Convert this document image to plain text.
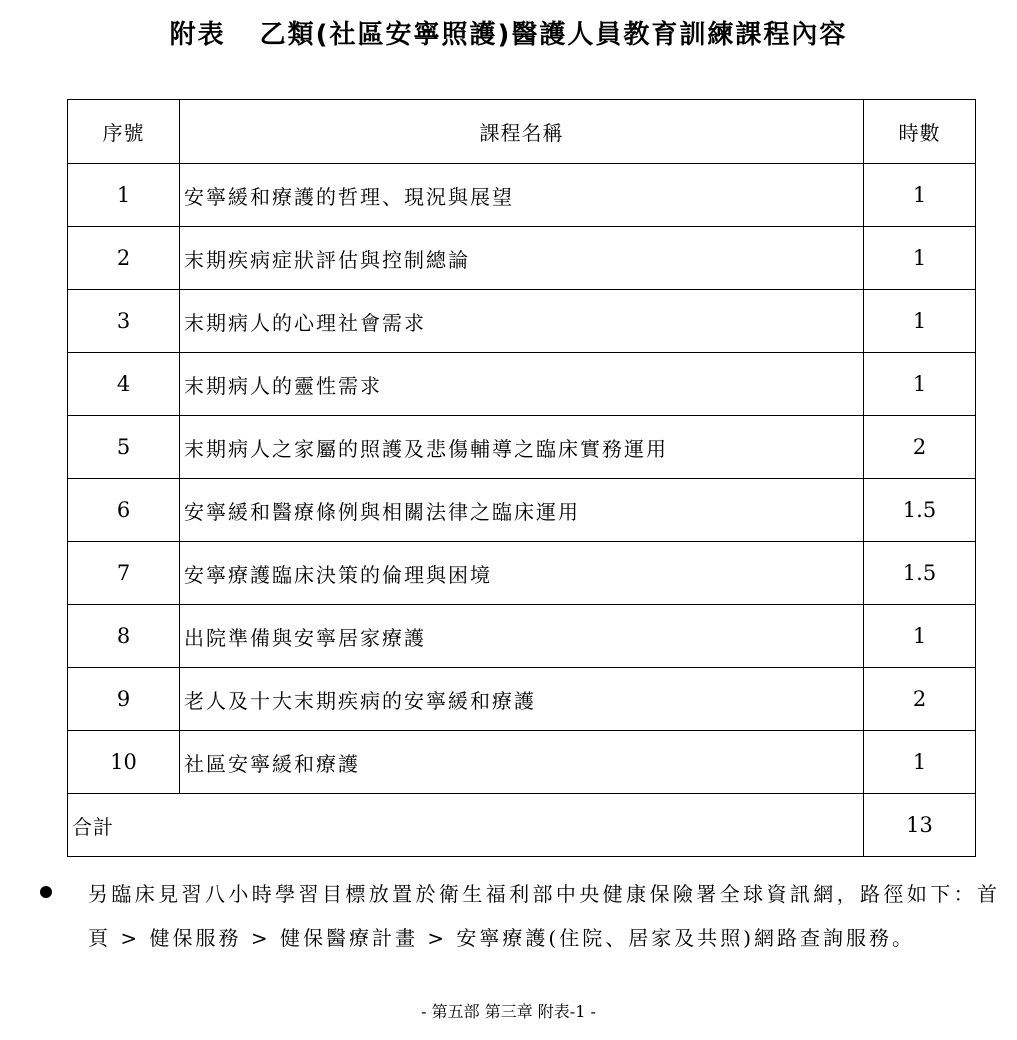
附表 乙類(社區安寧照護)醫護人員教育訓練課程內容
序號	課程名稱	時數
1	安寧緩和療護的哲理、現況與展望	1
2	末期疾病症狀評估與控制總論	1
3	末期病人的心理社會需求	1
4	末期病人的靈性需求	1
5	末期病人之家屬的照護及悲傷輔導之臨床實務運用	2
6	安寧緩和醫療條例與相關法律之臨床運用	1.5
7	安寧療護臨床決策的倫理與困境	1.5
8	出院準備與安寧居家療護	1
9	老人及十大末期疾病的安寧緩和療護	2
10	社區安寧緩和療護	1
合計		13
另臨床見習八小時學習目標放置於衛生福利部中央健康保險署全球資訊網，路徑如下：首頁 > 健保服務 > 健保醫療計畫 > 安寧療護(住院、居家及共照)網路查詢服務。
- 第五部 第三章 附表-1 -
